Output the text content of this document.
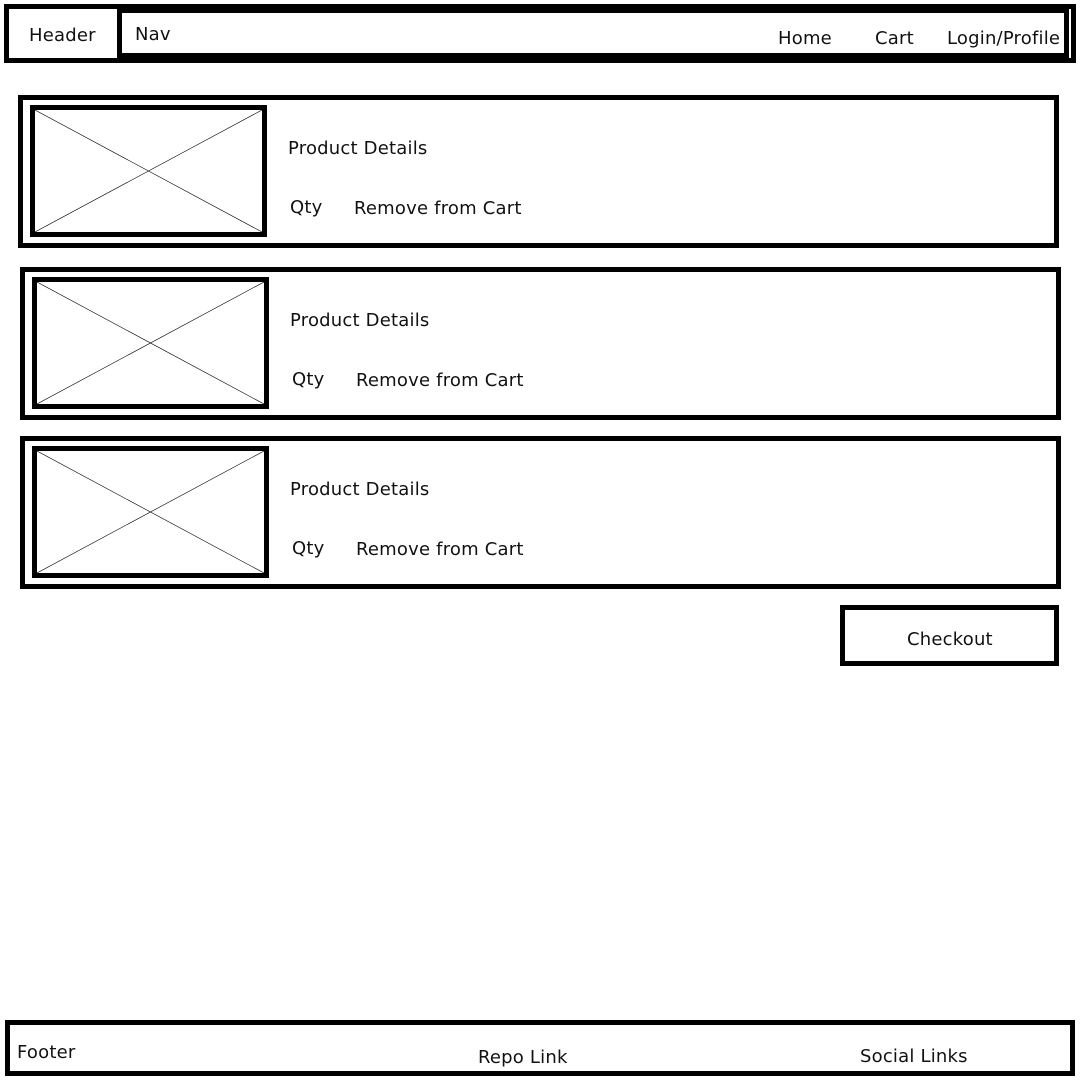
Header Nav	Home Cart Login/Profile
Product Details
Qty Remove from Cart
Product Details
Qty Remove from Cart
Product Details
Qty Remove from Cart
Checkout
Footer	Repo Link	Social Links
